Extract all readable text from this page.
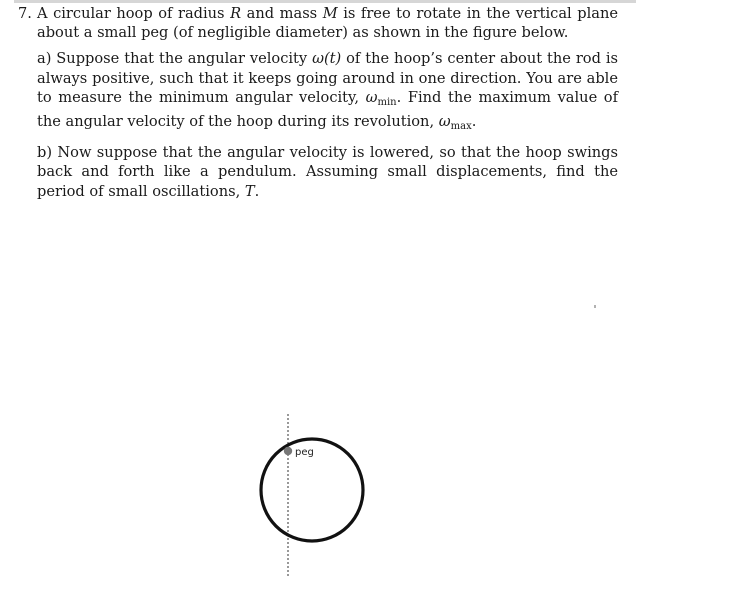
7. A circular hoop of radius R and mass M is free to rotate in the vertical plane about a small peg (of negligible diameter) as shown in the figure below.

a) Suppose that the angular velocity ω(t) of the hoop’s center about the rod is always positive, such that it keeps going around in one direction. You are able to measure the minimum angular velocity, $\omega_{min}$. Find the maximum value of the angular velocity of the hoop during its revolution, $\omega_{max}$.

b) Now suppose that the angular velocity is lowered, so that the hoop swings back and forth like a pendulum. Assuming small displacements, find the period of small oscillations, T.

peg
